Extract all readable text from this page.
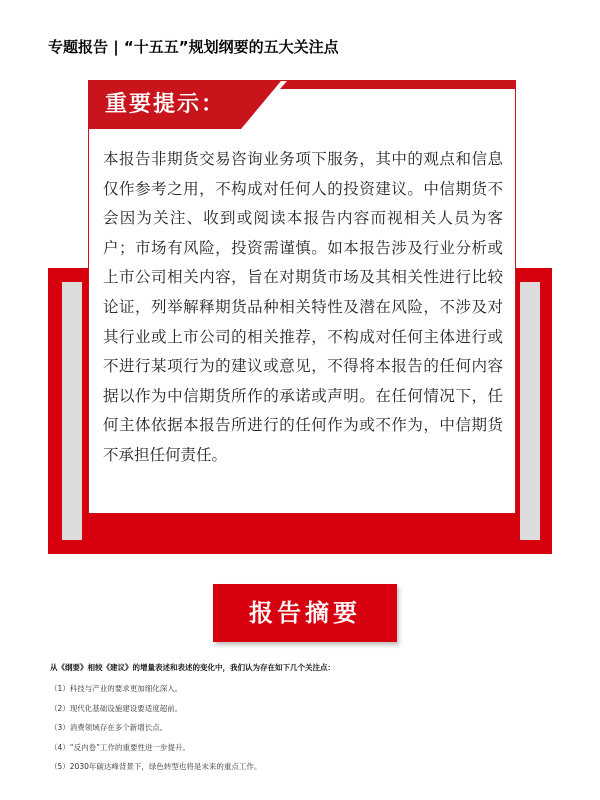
专题报告 | “十五五”规划纲要的五大关注点
重要提示：
本报告非期货交易咨询业务项下服务，其中的观点和信息仅作参考之用，不构成对任何人的投资建议。中信期货不会因为关注、收到或阅读本报告内容而视相关人员为客户；市场有风险，投资需谨慎。如本报告涉及行业分析或上市公司相关内容，旨在对期货市场及其相关性进行比较论证，列举解释期货品种相关特性及潜在风险，不涉及对其行业或上市公司的相关推荐，不构成对任何主体进行或不进行某项行为的建议或意见，不得将本报告的任何内容据以作为中信期货所作的承诺或声明。在任何情况下，任何主体依据本报告所进行的任何作为或不作为，中信期货不承担任何责任。
报告摘要
从《纲要》相较《建议》的增量表述和表述的变化中，我们认为存在如下几个关注点：
（1）科技与产业的要求更加细化深入。
（2）现代化基础设施建设要适度超前。
（3）消费领域存在多个新增长点。
（4）“反内卷”工作的重要性进一步提升。
（5）2030年碳达峰背景下，绿色转型也将是未来的重点工作。
